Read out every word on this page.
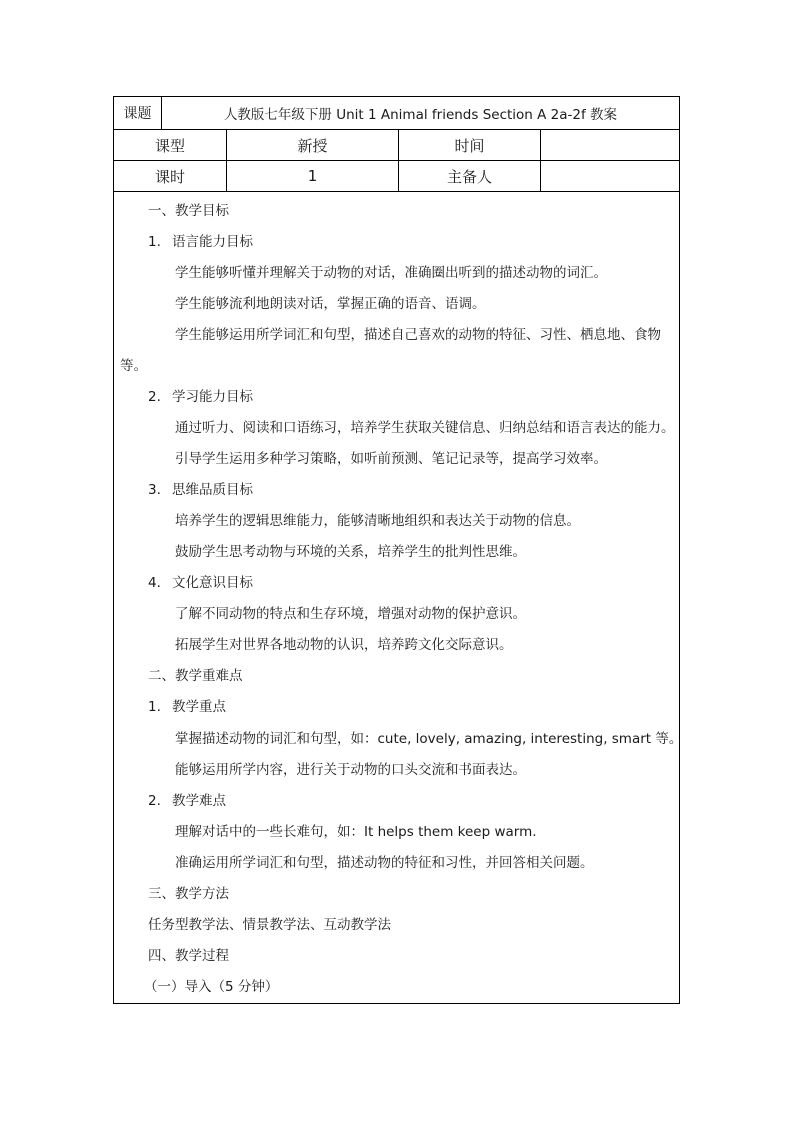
课题	人教版七年级下册 Unit 1 Animal friends Section A 2a-2f 教案
课型	新授	时间
课时	1	主备人
一、教学目标
1. 语言能力目标
学生能够听懂并理解关于动物的对话，准确圈出听到的描述动物的词汇。
学生能够流利地朗读对话，掌握正确的语音、语调。
学生能够运用所学词汇和句型，描述自己喜欢的动物的特征、习性、栖息地、食物
等。
2. 学习能力目标
通过听力、阅读和口语练习，培养学生获取关键信息、归纳总结和语言表达的能力。
引导学生运用多种学习策略，如听前预测、笔记记录等，提高学习效率。
3. 思维品质目标
培养学生的逻辑思维能力，能够清晰地组织和表达关于动物的信息。
鼓励学生思考动物与环境的关系，培养学生的批判性思维。
4. 文化意识目标
了解不同动物的特点和生存环境，增强对动物的保护意识。
拓展学生对世界各地动物的认识，培养跨文化交际意识。
二、教学重难点
1. 教学重点
掌握描述动物的词汇和句型，如：cute, lovely, amazing, interesting, smart 等。
能够运用所学内容，进行关于动物的口头交流和书面表达。
2. 教学难点
理解对话中的一些长难句，如：It helps them keep warm.
准确运用所学词汇和句型，描述动物的特征和习性，并回答相关问题。
三、教学方法
任务型教学法、情景教学法、互动教学法
四、教学过程
（一）导入（5 分钟）
